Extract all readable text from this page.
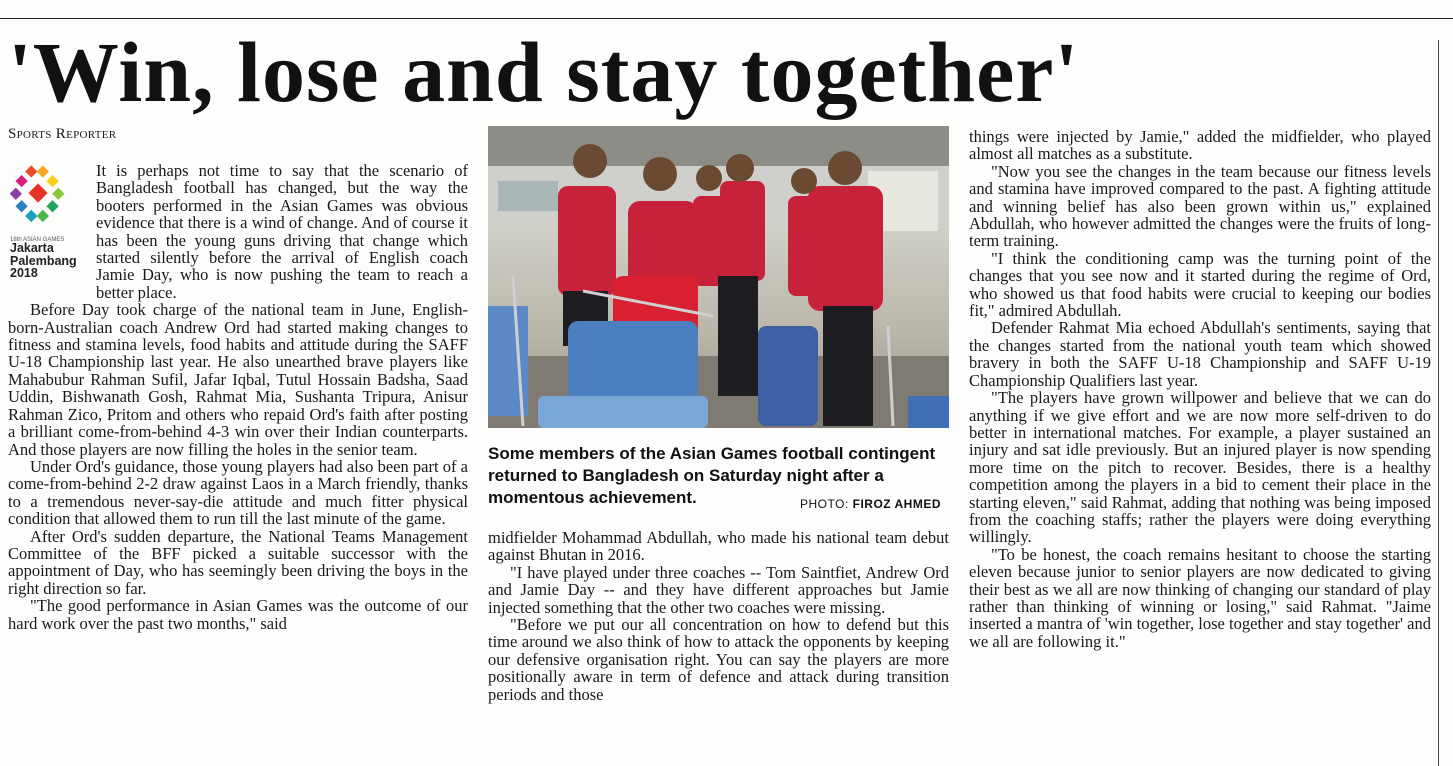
'Win, lose and stay together'
Sports Reporter
18th ASIAN GAMES
Jakarta
Palembang
2018

It is perhaps not time to say that the scenario of Bangladesh football has changed, but the way the booters performed in the Asian Games was obvious evidence that there is a wind of change. And of course it has been the young guns driving that change which started silently before the arrival of English coach Jamie Day, who is now pushing the team to reach a better place.

Before Day took charge of the national team in June, English-born-Australian coach Andrew Ord had started making changes to fitness and stamina levels, food habits and attitude during the SAFF U-18 Championship last year. He also unearthed brave players like Mahabubur Rahman Sufil, Jafar Iqbal, Tutul Hossain Badsha, Saad Uddin, Bishwanath Gosh, Rahmat Mia, Sushanta Tripura, Anisur Rahman Zico, Pritom and others who repaid Ord's faith after posting a brilliant come-from-behind 4-3 win over their Indian counterparts. And those players are now filling the holes in the senior team.

Under Ord's guidance, those young players had also been part of a come-from-behind 2-2 draw against Laos in a March friendly, thanks to a tremendous never-say-die attitude and much fitter physical condition that allowed them to run till the last minute of the game.

After Ord's sudden departure, the National Teams Management Committee of the BFF picked a suitable successor with the appointment of Day, who has seemingly been driving the boys in the right direction so far.

"The good performance in Asian Games was the outcome of our hard work over the past two months," said

Some members of the Asian Games football contingent returned to Bangladesh on Saturday night after a momentous achievement.	PHOTO: FIROZ AHMED

midfielder Mohammad Abdullah, who made his national team debut against Bhutan in 2016.

"I have played under three coaches -- Tom Saintfiet, Andrew Ord and Jamie Day -- and they have different approaches but Jamie injected something that the other two coaches were missing.

"Before we put our all concentration on how to defend but this time around we also think of how to attack the opponents by keeping our defensive organisation right. You can say the players are more positionally aware in term of defence and attack during transition periods and those

things were injected by Jamie," added the midfielder, who played almost all matches as a substitute.

"Now you see the changes in the team because our fitness levels and stamina have improved compared to the past. A fighting attitude and winning belief has also been grown within us," explained Abdullah, who however admitted the changes were the fruits of long-term training.

"I think the conditioning camp was the turning point of the changes that you see now and it started during the regime of Ord, who showed us that food habits were crucial to keeping our bodies fit," admired Abdullah.

Defender Rahmat Mia echoed Abdullah's sentiments, saying that the changes started from the national youth team which showed bravery in both the SAFF U-18 Championship and SAFF U-19 Championship Qualifiers last year.

"The players have grown willpower and believe that we can do anything if we give effort and we are now more self-driven to do better in international matches. For example, a player sustained an injury and sat idle previously. But an injured player is now spending more time on the pitch to recover. Besides, there is a healthy competition among the players in a bid to cement their place in the starting eleven," said Rahmat, adding that nothing was being imposed from the coaching staffs; rather the players were doing everything willingly.

"To be honest, the coach remains hesitant to choose the starting eleven because junior to senior players are now dedicated to giving their best as we all are now thinking of changing our standard of play rather than thinking of winning or losing," said Rahmat. "Jaime inserted a mantra of 'win together, lose together and stay together' and we all are following it."
